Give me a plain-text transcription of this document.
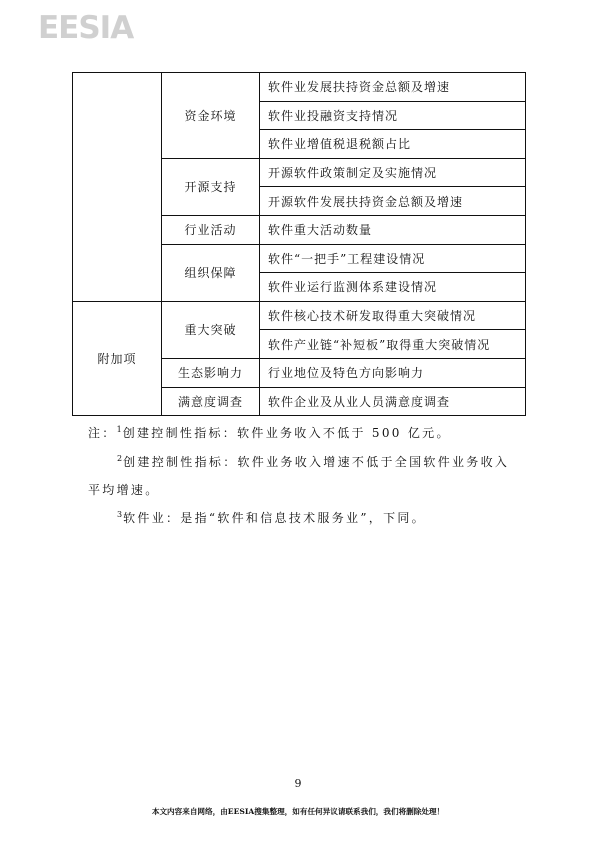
EESIA
	资金环境	软件业发展扶持资金总额及增速
		软件业投融资支持情况
		软件业增值税退税额占比
	开源支持	开源软件政策制定及实施情况
		开源软件发展扶持资金总额及增速
	行业活动	软件重大活动数量
	组织保障	软件“一把手”工程建设情况
		软件业运行监测体系建设情况
附加项	重大突破	软件核心技术研发取得重大突破情况
		软件产业链“补短板”取得重大突破情况
	生态影响力	行业地位及特色方向影响力
	满意度调查	软件企业及从业人员满意度调查
注：$^1$创建控制性指标：软件业务收入不低于 500 亿元。
$^2$创建控制性指标：软件业务收入增速不低于全国软件业务收入
平均增速。
$^3$软件业：是指“软件和信息技术服务业”，下同。
9
本文内容来自网络，由EESIA搜集整理，如有任何异议请联系我们，我们将删除处理！
